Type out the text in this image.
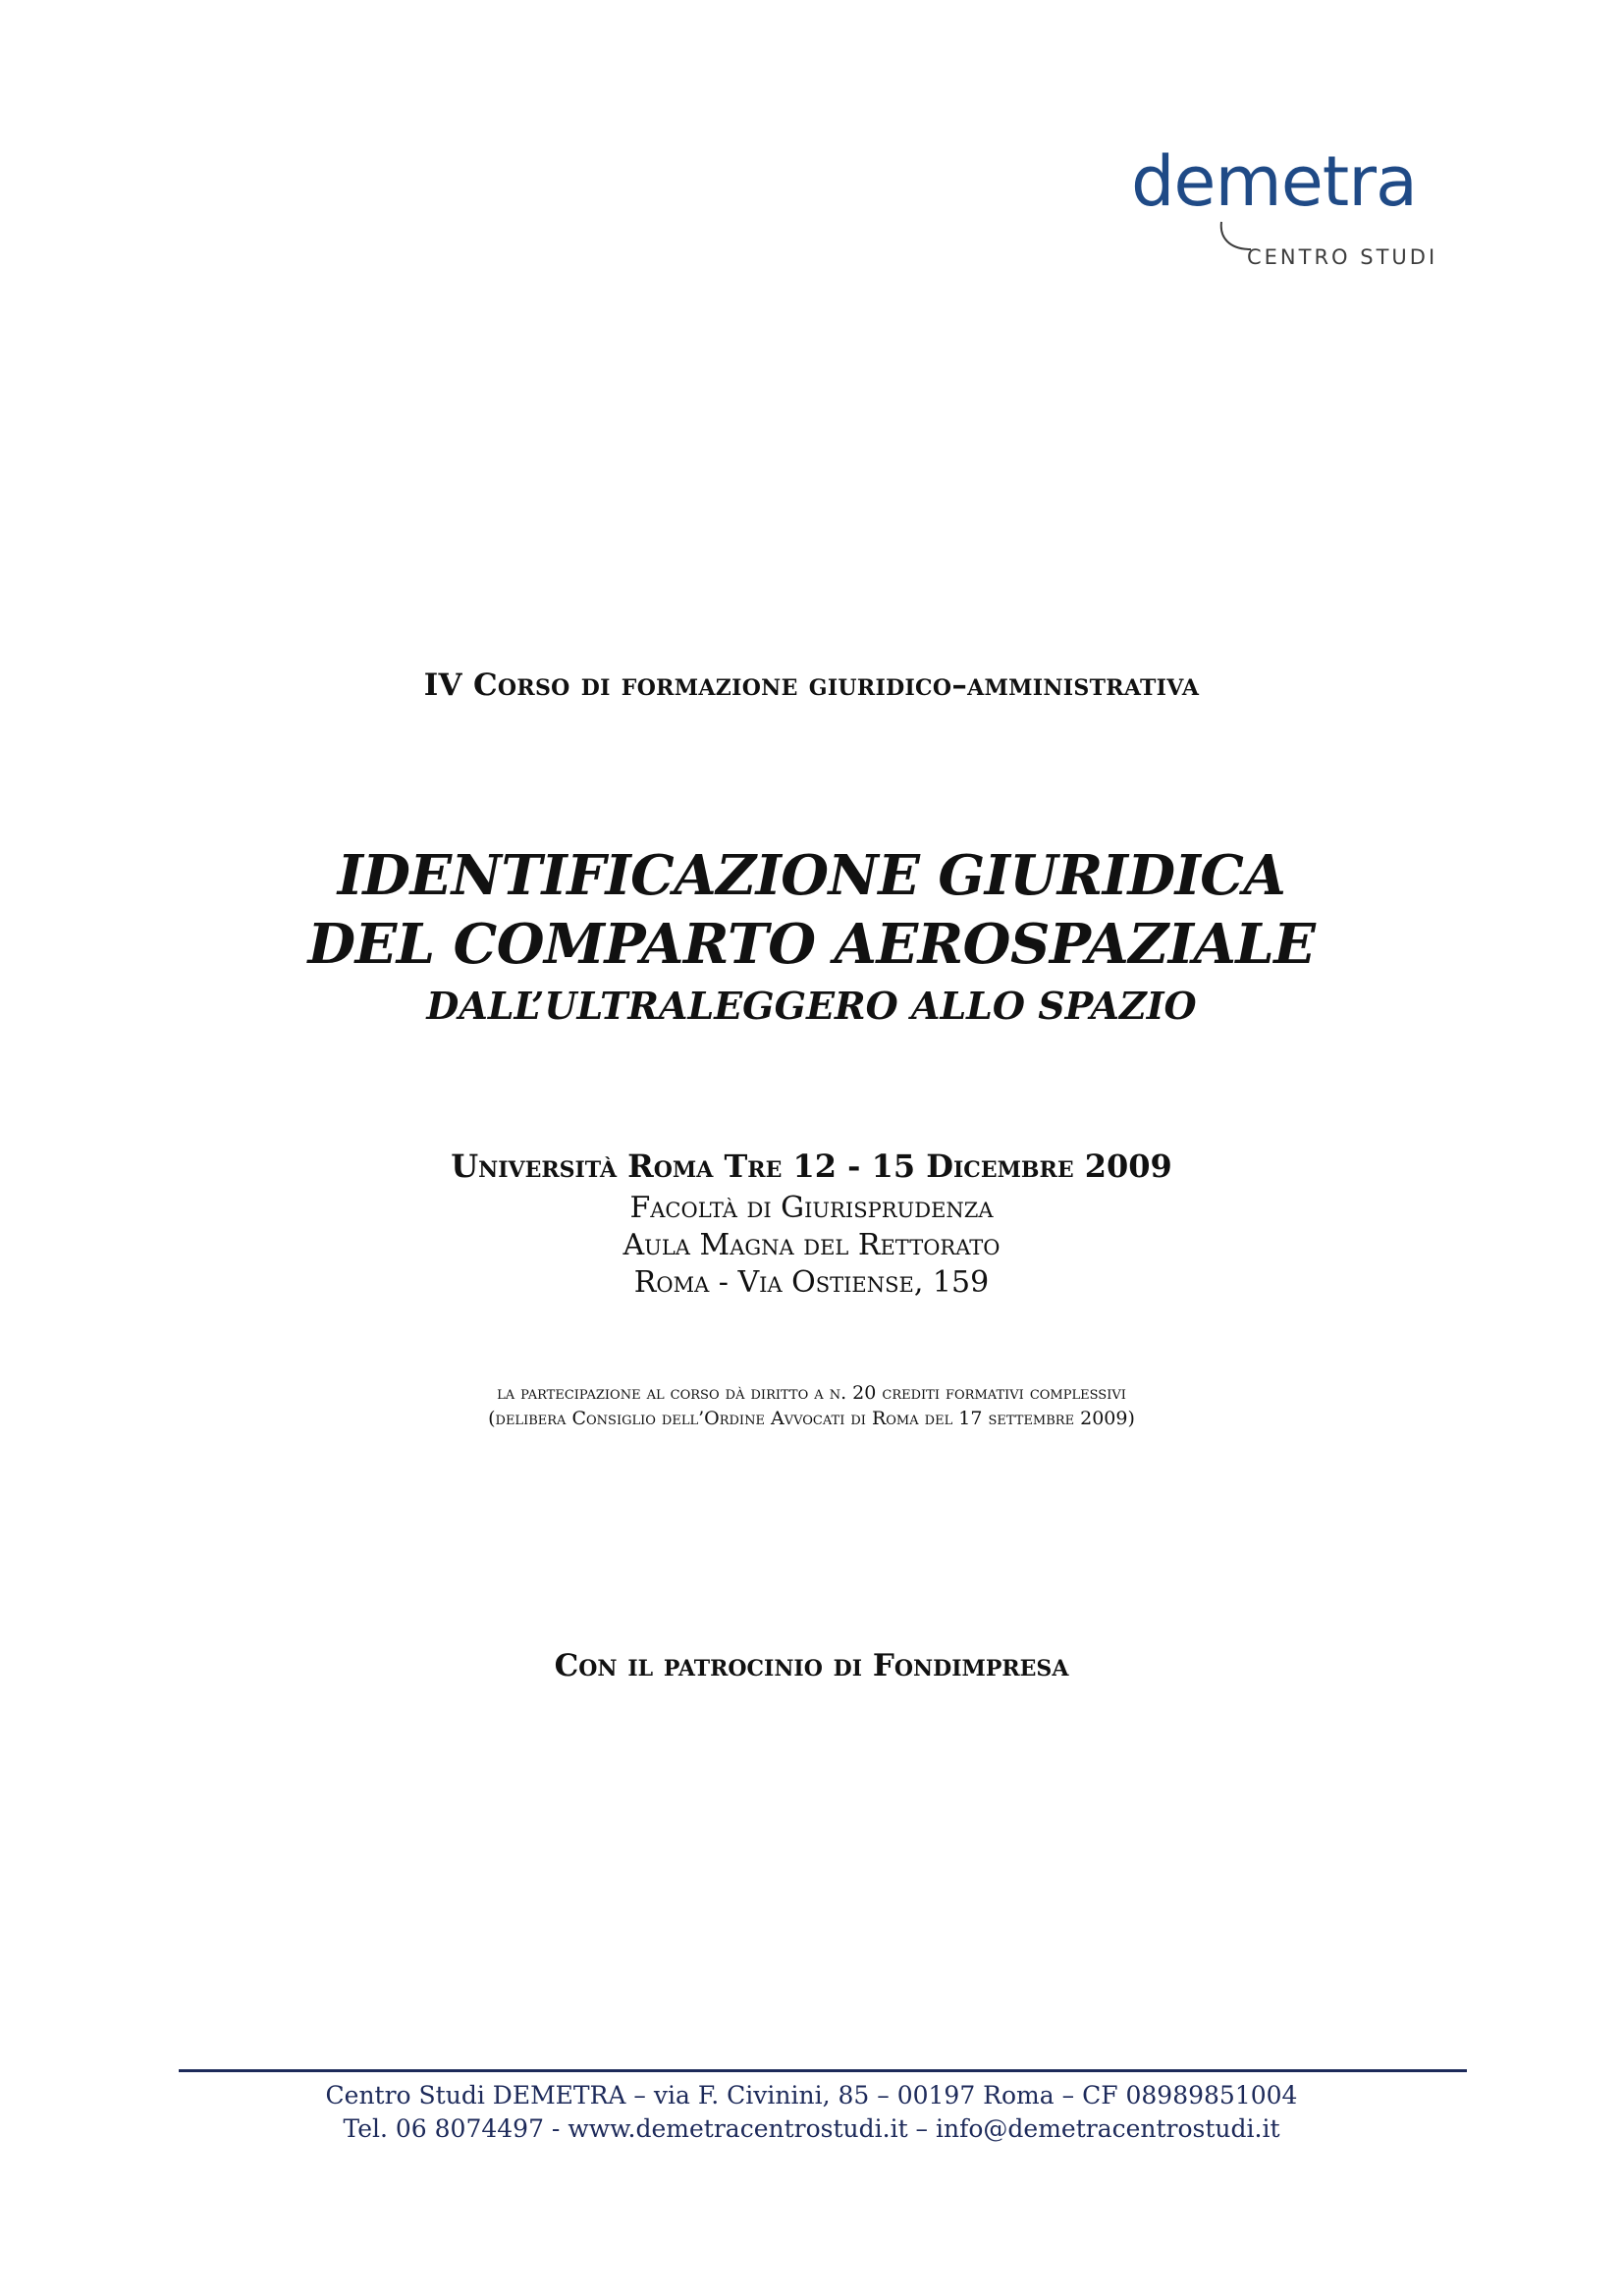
demetra
CENTRO STUDI
IV Corso di formazione giuridico–amministrativa
IDENTIFICAZIONE GIURIDICA
DEL COMPARTO AEROSPAZIALE
DALL’ULTRALEGGERO ALLO SPAZIO
Università Roma Tre 12 - 15 Dicembre 2009
Facoltà di Giurisprudenza
Aula Magna del Rettorato
Roma - Via Ostiense, 159
la partecipazione al corso dà diritto a n. 20 crediti formativi complessivi
(delibera Consiglio dell’Ordine Avvocati di Roma del 17 settembre 2009)
Con il patrocinio di Fondimpresa
Centro Studi DEMETRA – via F. Civinini, 85 – 00197 Roma – CF 08989851004
Tel. 06 8074497 - www.demetracentrostudi.it – info@demetracentrostudi.it
